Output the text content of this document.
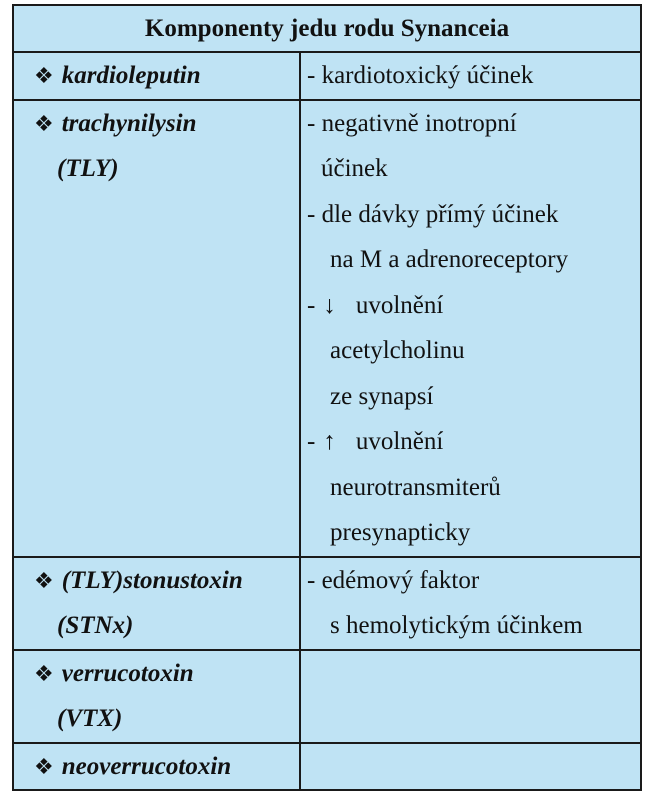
Komponenty jedu rodu Synanceia
❖ kardioleputin	- kardiotoxický účinek
❖ trachynilysin
(TLY)
- negativně inotropní
účinek
- dle dávky přímý účinek
na M a adrenoreceptory
- ↓ uvolnění
acetylcholinu
ze synapsí
- ↑ uvolnění
neurotransmiterů
presynapticky
❖ (TLY)stonustoxin
(STNx)
- edémový faktor
s hemolytickým účinkem
❖ verrucotoxin
(VTX)
❖ neoverrucotoxin
